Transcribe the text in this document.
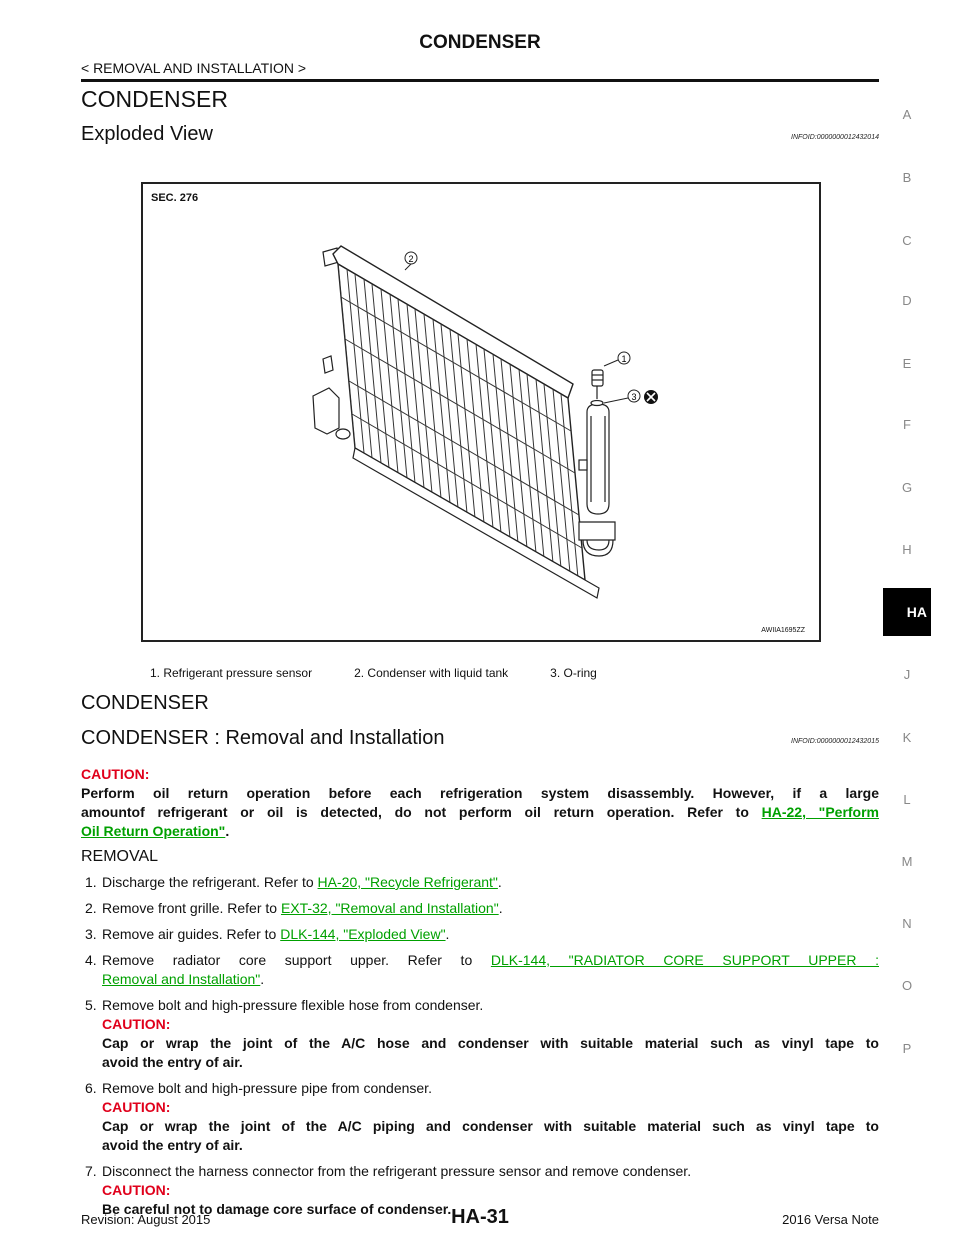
CONDENSER
< REMOVAL AND INSTALLATION >
CONDENSER
Exploded View	INFOID:0000000012432014
A
B
C
D
E
F
G
H
J
K
L
M
N
O
P
HA
SEC. 276
2
1
3
AWIIA1695ZZ
1. Refrigerant pressure sensor	2. Condenser with liquid tank	3. O-ring
CONDENSER
CONDENSER : Removal and Installation	INFOID:0000000012432015
CAUTION:
Perform oil return operation before each refrigeration system disassembly. However, if a large
amountof refrigerant or oil is detected, do not perform oil return operation. Refer to HA-22, "Perform
Oil Return Operation".
REMOVAL
1. Discharge the refrigerant. Refer to HA-20, "Recycle Refrigerant".
2. Remove front grille. Refer to EXT-32, "Removal and Installation".
3. Remove air guides. Refer to DLK-144, "Exploded View".
4. Remove radiator core support upper. Refer to DLK-144, "RADIATOR CORE SUPPORT UPPER :
Removal and Installation".
5. Remove bolt and high-pressure flexible hose from condenser.
CAUTION:
Cap or wrap the joint of the A/C hose and condenser with suitable material such as vinyl tape to
avoid the entry of air.
6. Remove bolt and high-pressure pipe from condenser.
CAUTION:
Cap or wrap the joint of the A/C piping and condenser with suitable material such as vinyl tape to
avoid the entry of air.
7. Disconnect the harness connector from the refrigerant pressure sensor and remove condenser.
CAUTION:
Be careful not to damage core surface of condenser.
Revision: August 2015	HA-31	2016 Versa Note
